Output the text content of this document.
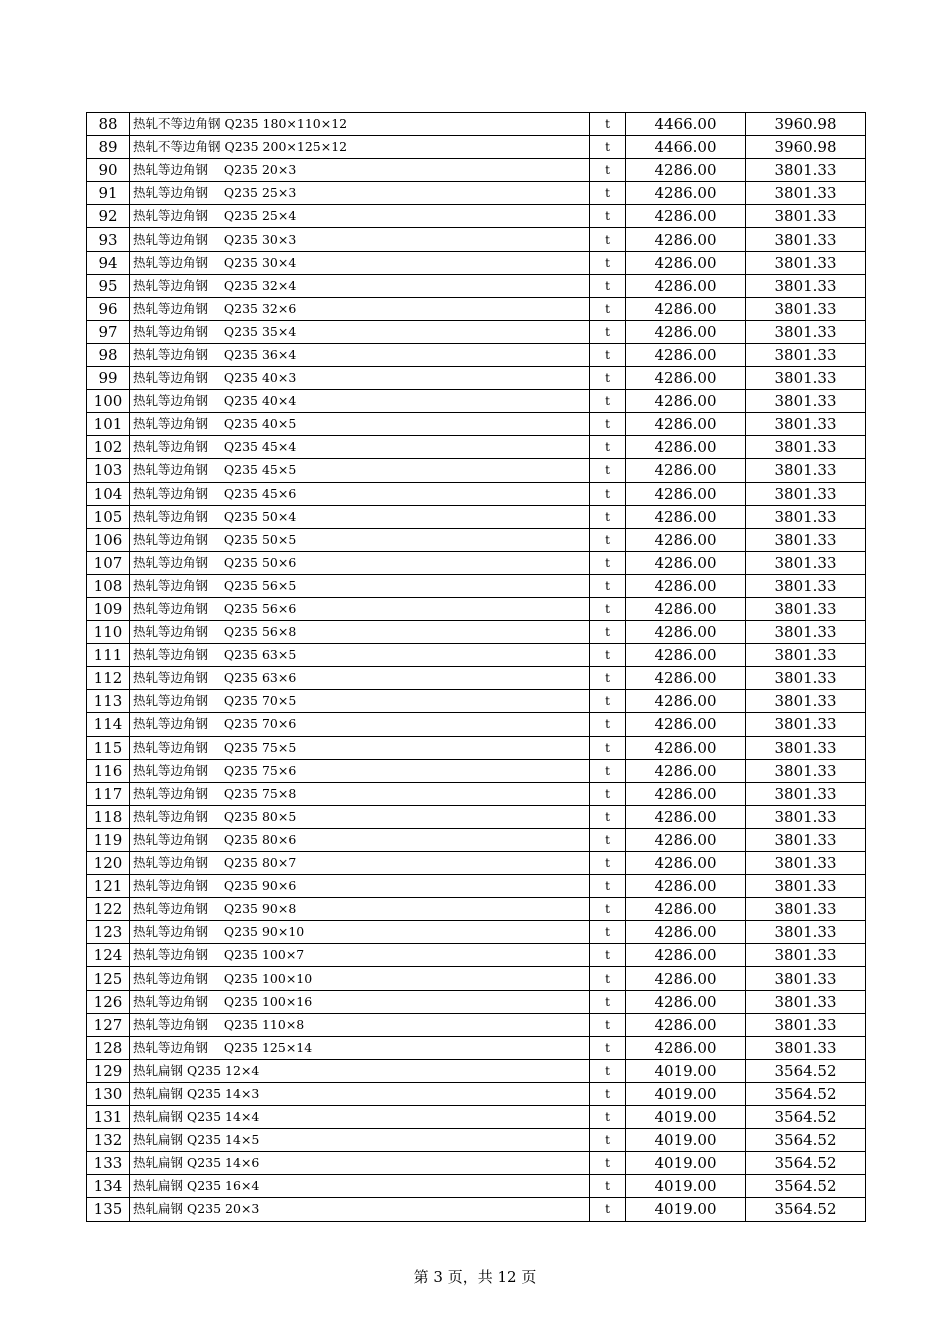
88	热轧不等边角钢 Q235 180×110×12	t	4466.00	3960.98
89	热轧不等边角钢 Q235 200×125×12	t	4466.00	3960.98
90	热轧等边角钢    Q235 20×3	t	4286.00	3801.33
91	热轧等边角钢    Q235 25×3	t	4286.00	3801.33
92	热轧等边角钢    Q235 25×4	t	4286.00	3801.33
93	热轧等边角钢    Q235 30×3	t	4286.00	3801.33
94	热轧等边角钢    Q235 30×4	t	4286.00	3801.33
95	热轧等边角钢    Q235 32×4	t	4286.00	3801.33
96	热轧等边角钢    Q235 32×6	t	4286.00	3801.33
97	热轧等边角钢    Q235 35×4	t	4286.00	3801.33
98	热轧等边角钢    Q235 36×4	t	4286.00	3801.33
99	热轧等边角钢    Q235 40×3	t	4286.00	3801.33
100	热轧等边角钢    Q235 40×4	t	4286.00	3801.33
101	热轧等边角钢    Q235 40×5	t	4286.00	3801.33
102	热轧等边角钢    Q235 45×4	t	4286.00	3801.33
103	热轧等边角钢    Q235 45×5	t	4286.00	3801.33
104	热轧等边角钢    Q235 45×6	t	4286.00	3801.33
105	热轧等边角钢    Q235 50×4	t	4286.00	3801.33
106	热轧等边角钢    Q235 50×5	t	4286.00	3801.33
107	热轧等边角钢    Q235 50×6	t	4286.00	3801.33
108	热轧等边角钢    Q235 56×5	t	4286.00	3801.33
109	热轧等边角钢    Q235 56×6	t	4286.00	3801.33
110	热轧等边角钢    Q235 56×8	t	4286.00	3801.33
111	热轧等边角钢    Q235 63×5	t	4286.00	3801.33
112	热轧等边角钢    Q235 63×6	t	4286.00	3801.33
113	热轧等边角钢    Q235 70×5	t	4286.00	3801.33
114	热轧等边角钢    Q235 70×6	t	4286.00	3801.33
115	热轧等边角钢    Q235 75×5	t	4286.00	3801.33
116	热轧等边角钢    Q235 75×6	t	4286.00	3801.33
117	热轧等边角钢    Q235 75×8	t	4286.00	3801.33
118	热轧等边角钢    Q235 80×5	t	4286.00	3801.33
119	热轧等边角钢    Q235 80×6	t	4286.00	3801.33
120	热轧等边角钢    Q235 80×7	t	4286.00	3801.33
121	热轧等边角钢    Q235 90×6	t	4286.00	3801.33
122	热轧等边角钢    Q235 90×8	t	4286.00	3801.33
123	热轧等边角钢    Q235 90×10	t	4286.00	3801.33
124	热轧等边角钢    Q235 100×7	t	4286.00	3801.33
125	热轧等边角钢    Q235 100×10	t	4286.00	3801.33
126	热轧等边角钢    Q235 100×16	t	4286.00	3801.33
127	热轧等边角钢    Q235 110×8	t	4286.00	3801.33
128	热轧等边角钢    Q235 125×14	t	4286.00	3801.33
129	热轧扁钢 Q235 12×4	t	4019.00	3564.52
130	热轧扁钢 Q235 14×3	t	4019.00	3564.52
131	热轧扁钢 Q235 14×4	t	4019.00	3564.52
132	热轧扁钢 Q235 14×5	t	4019.00	3564.52
133	热轧扁钢 Q235 14×6	t	4019.00	3564.52
134	热轧扁钢 Q235 16×4	t	4019.00	3564.52
135	热轧扁钢 Q235 20×3	t	4019.00	3564.52
第 3 页，共 12 页
